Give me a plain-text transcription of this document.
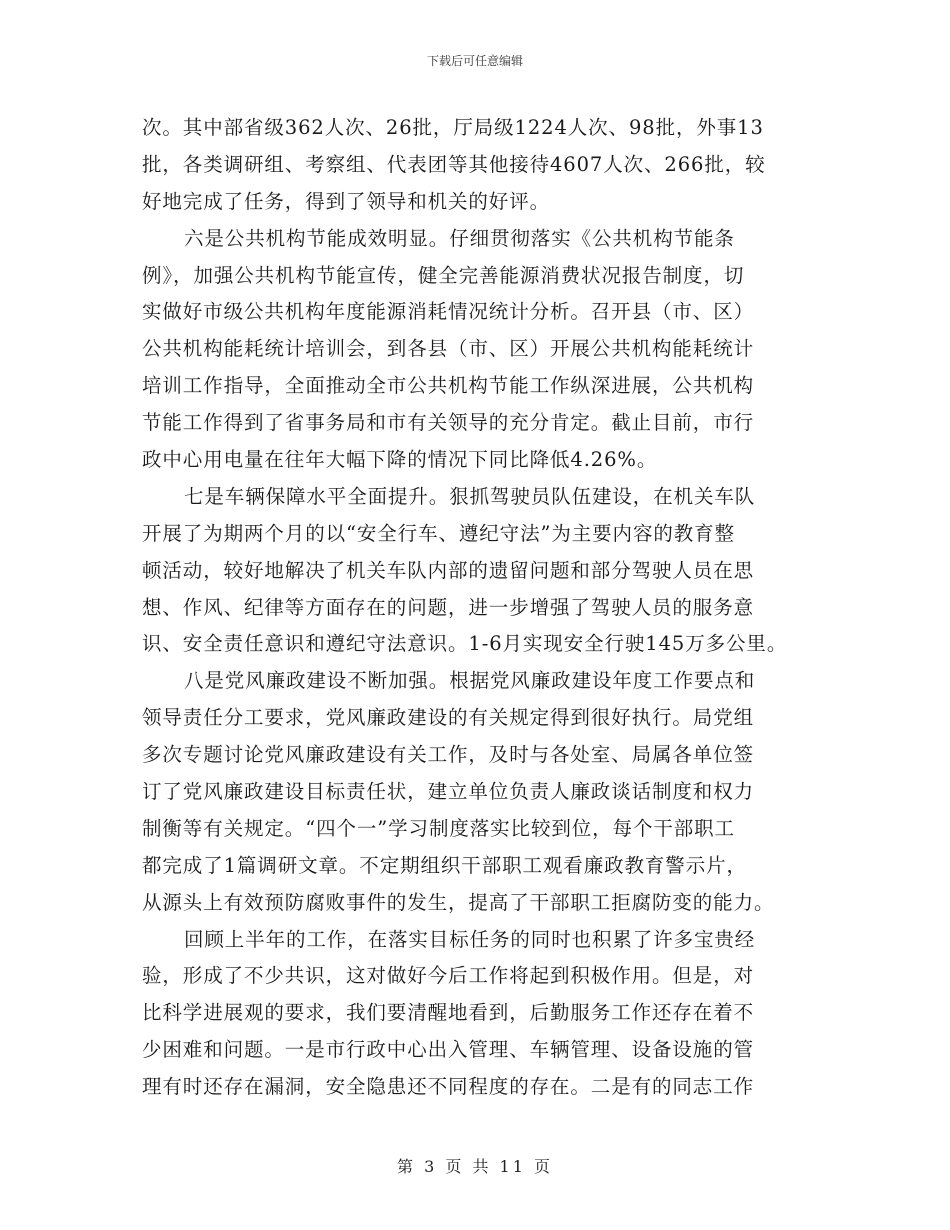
下载后可任意编辑
次。其中部省级362人次、26批，厅局级1224人次、98批，外事13
批，各类调研组、考察组、代表团等其他接待4607人次、266批，较
好地完成了任务，得到了领导和机关的好评。
六是公共机构节能成效明显。仔细贯彻落实《公共机构节能条
例》，加强公共机构节能宣传，健全完善能源消费状况报告制度，切
实做好市级公共机构年度能源消耗情况统计分析。召开县（市、区）
公共机构能耗统计培训会，到各县（市、区）开展公共机构能耗统计
培训工作指导，全面推动全市公共机构节能工作纵深进展，公共机构
节能工作得到了省事务局和市有关领导的充分肯定。截止目前，市行
政中心用电量在往年大幅下降的情况下同比降低4.26%。
七是车辆保障水平全面提升。狠抓驾驶员队伍建设，在机关车队
开展了为期两个月的以“安全行车、遵纪守法”为主要内容的教育整
顿活动，较好地解决了机关车队内部的遗留问题和部分驾驶人员在思
想、作风、纪律等方面存在的问题，进一步增强了驾驶人员的服务意
识、安全责任意识和遵纪守法意识。1-6月实现安全行驶145万多公里。
八是党风廉政建设不断加强。根据党风廉政建设年度工作要点和
领导责任分工要求，党风廉政建设的有关规定得到很好执行。局党组
多次专题讨论党风廉政建设有关工作，及时与各处室、局属各单位签
订了党风廉政建设目标责任状，建立单位负责人廉政谈话制度和权力
制衡等有关规定。“四个一”学习制度落实比较到位，每个干部职工
都完成了1篇调研文章。不定期组织干部职工观看廉政教育警示片，
从源头上有效预防腐败事件的发生，提高了干部职工拒腐防变的能力。
回顾上半年的工作，在落实目标任务的同时也积累了许多宝贵经
验，形成了不少共识，这对做好今后工作将起到积极作用。但是，对
比科学进展观的要求，我们要清醒地看到，后勤服务工作还存在着不
少困难和问题。一是市行政中心出入管理、车辆管理、设备设施的管
理有时还存在漏洞，安全隐患还不同程度的存在。二是有的同志工作
第 3 页 共 11 页
